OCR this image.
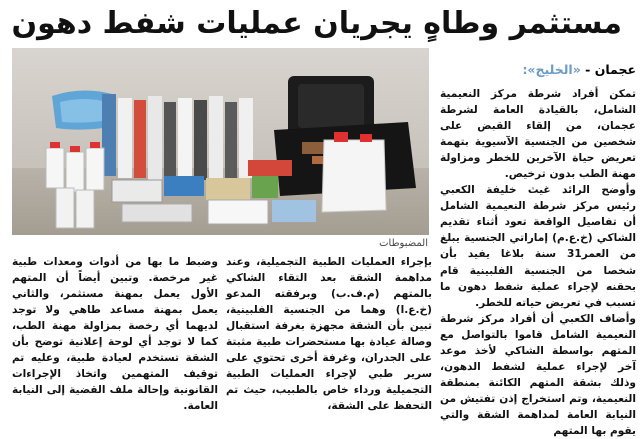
مستثمر وطاهٍ يجريان عمليات شفط دهون
عجمان - «الخليج»:
المضبوطات

تمكن أفراد شرطة مركز النعيمية الشامل، بالقيادة العامة لشرطة عجمان، من إلقاء القبض على شخصين من الجنسية الآسيوية بتهمة تعريض حياة الآخرين للخطر ومزاولة مهنة الطب بدون ترخيص.

وأوضح الرائد غيث خليفة الكعبي رئيس مركز شرطة النعيمية الشامل أن تفاصيل الواقعة تعود أثناء تقديم الشاكي (خ.ع.م) إماراتي الجنسية يبلغ من العمر31 سنة بلاغا يفيد بأن شخصا من الجنسية الفلبينية قام بحقنه لإجراء عملية شفط دهون ما تسبب في تعريض حياته للخطر.

وأضاف الكعبي أن أفراد مركز شرطة النعيمية الشامل قاموا بالتواصل مع المتهم بواسطة الشاكي لأخذ موعد آخر لإجراء عملية لشفط الدهون، وذلك بشقة المتهم الكائنة بمنطقة النعيمية، وتم استخراج إذن تفتيش من النيابة العامة لمداهمة الشقة والتي يقوم بها المتهم

بإجراء العمليات الطبية التجميلية، وعند مداهمة الشقة بعد التقاء الشاكي بالمتهم (م.ف.ب) وبرفقته المدعو (خ.ع.ا) وهما من الجنسية الفلبينية، تبين بأن الشقة مجهزة بغرفة استقبال وصالة عيادة بها مستحضرات طبية مثبتة على الجدران، وغرفة أخرى تحتوي على سرير طبي لإجراء العمليات الطبية التجميلية ورداء خاص بالطبيب، حيث تم التحفظ على الشقة،

وضبط ما بها من أدوات ومعدات طبية غير مرخصة. وتبين أيضاً أن المتهم الأول يعمل بمهنة مستثمر، والثاني يعمل بمهنة مساعد طاهي ولا توجد لديهما أي رخصة بمزاولة مهنة الطب، كما لا توجد أي لوحة إعلانية توضح بأن الشقة تستخدم لعيادة طبية، وعليه تم توقيف المتهمين واتخاذ الإجراءات القانونية وإحالة ملف القضية إلى النيابة العامة.
